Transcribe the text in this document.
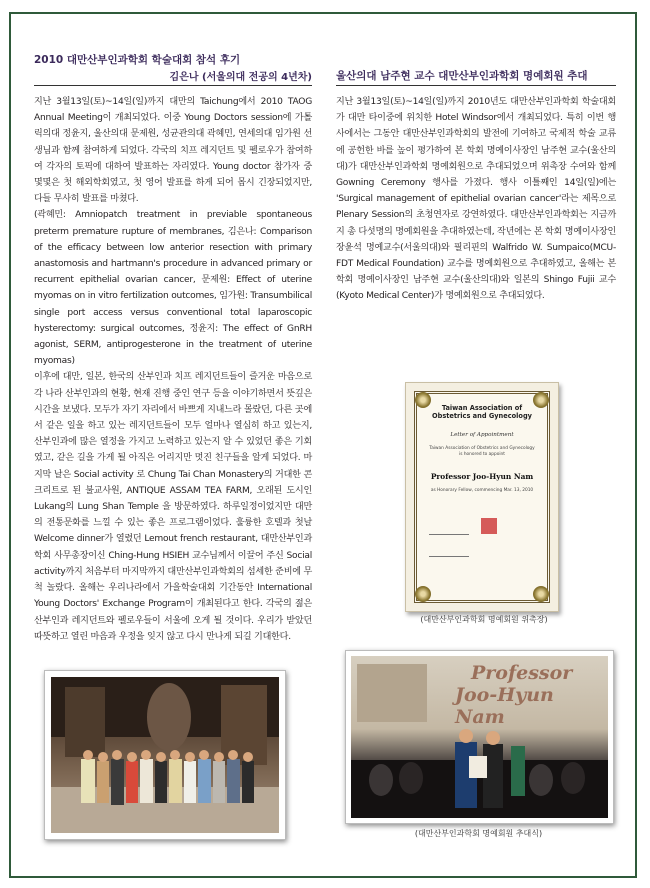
2010 대만산부인과학회 학술대회 참석 후기
김은나 (서울의대 전공의 4년차)

지난 3월13일(토)~14일(일)까지 대만의 Taichung에서 2010 TAOG Annual Meeting이 개최되었다. 이중 Young Doctors session에 가톨릭의대 정윤지, 울산의대 문제원, 성균관의대 곽혜민, 연세의대 임가원 선생님과 함께 참여하게 되었다. 각국의 치프 레지던트 및 펠로우가 참여하여 각자의 토픽에 대하여 발표하는 자리였다. Young doctor 참가자 중 몇몇은 첫 해외학회였고, 첫 영어 발표를 하게 되어 몹시 긴장되었지만, 다들 무사히 발표를 마쳤다.

(곽혜민: Amniopatch treatment in previable spontaneous preterm premature rupture of membranes, 김은나: Comparison of the efficacy between low anterior resection with primary anastomosis and hartmann's procedure in advanced primary or recurrent epithelial ovarian cancer, 문제원: Effect of uterine myomas on in vitro fertilization outcomes, 임가원: Transumbilical single port access versus conventional total laparoscopic hysterectomy: surgical outcomes, 정윤지: The effect of GnRH agonist, SERM, antiprogesterone in the treatment of uterine myomas)

이후에 대만, 일본, 한국의 산부인과 치프 레지던트들이 즐거운 마음으로 각 나라 산부인과의 현황, 현재 진행 중인 연구 등을 이야기하면서 뜻깊은 시간을 보냈다. 모두가 자기 자리에서 바쁘게 지내느라 몰랐던, 다른 곳에서 같은 일을 하고 있는 레지던트들이 모두 얼마나 열심히 하고 있는지, 산부인과에 많은 열정을 가지고 노력하고 있는지 알 수 있었던 좋은 기회였고, 같은 길을 가게 될 아직은 어리지만 멋진 친구들을 알게 되었다. 마지막 날은 Social activity 로 Chung Tai Chan Monastery의 거대한 콘크리트로 된 불교사원, ANTIQUE ASSAM TEA FARM, 오래된 도시인 Lukang의 Lung Shan Temple 을 방문하였다. 하루일정이었지만 대만의 전통문화를 느낄 수 있는 좋은 프로그램이었다. 훌륭한 호텔과 첫날 Welcome dinner가 열렸던 Lemout french restaurant, 대만산부인과학회 사무총장이신 Ching-Hung HSIEH 교수님께서 이끌어 주신 Social activity까지 처음부터 마지막까지 대만산부인과학회의 섬세한 준비에 무척 놀랐다. 올해는 우리나라에서 가을학술대회 기간동안 International Young Doctors' Exchange Program이 개최된다고 한다. 각국의 젊은 산부인과 레지던트와 펠로우들이 서울에 오게 될 것이다. 우리가 받았던 따뜻하고 열린 마음과 우정을 잊지 않고 다시 만나게 되길 기대한다.

울산의대 남주현 교수 대만산부인과학회 명예회원 추대

지난 3월13일(토)~14일(일)까지 2010년도 대만산부인과학회 학술대회가 대만 타이중에 위치한 Hotel Windsor에서 개최되었다. 특히 이번 행사에서는 그동안 대만산부인과학회의 발전에 기여하고 국제적 학술 교류에 공헌한 바를 높이 평가하여 본 학회 명예이사장인 남주현 교수(울산의대)가 대만산부인과학회 명예회원으로 추대되었으며 위촉장 수여와 함께 Gowning Ceremony 행사를 가졌다. 행사 이틀째인 14일(일)에는 'Surgical management of epithelial ovarian cancer'라는 제목으로 Plenary Session의 초청연자로 강연하였다. 대만산부인과학회는 지금까지 총 다섯명의 명예회원을 추대하였는데, 작년에는 본 학회 명예이사장인 장윤석 명예교수(서울의대)와 필리핀의 Walfrido W. Sumpaico(MCU-FDT Medical Foundation) 교수를 명예회원으로 추대하였고, 올해는 본 학회 명예이사장인 남주현 교수(울산의대)와 일본의 Shingo Fujii 교수(Kyoto Medical Center)가 명예회원으로 추대되었다.

Taiwan Association of
Obstetrics and Gynecology
Letter of Appointment
Taiwan Association of Obstetrics and Gynecology
is honored to appoint
Professor Joo-Hyun Nam
as Honorary Fellow, commencing Mar. 13, 2010
(대만산부인과학회 명예회원 위촉장)
Professor
Joo-Hyun Nam
(대만산부인과학회 명예회원 추대식)
